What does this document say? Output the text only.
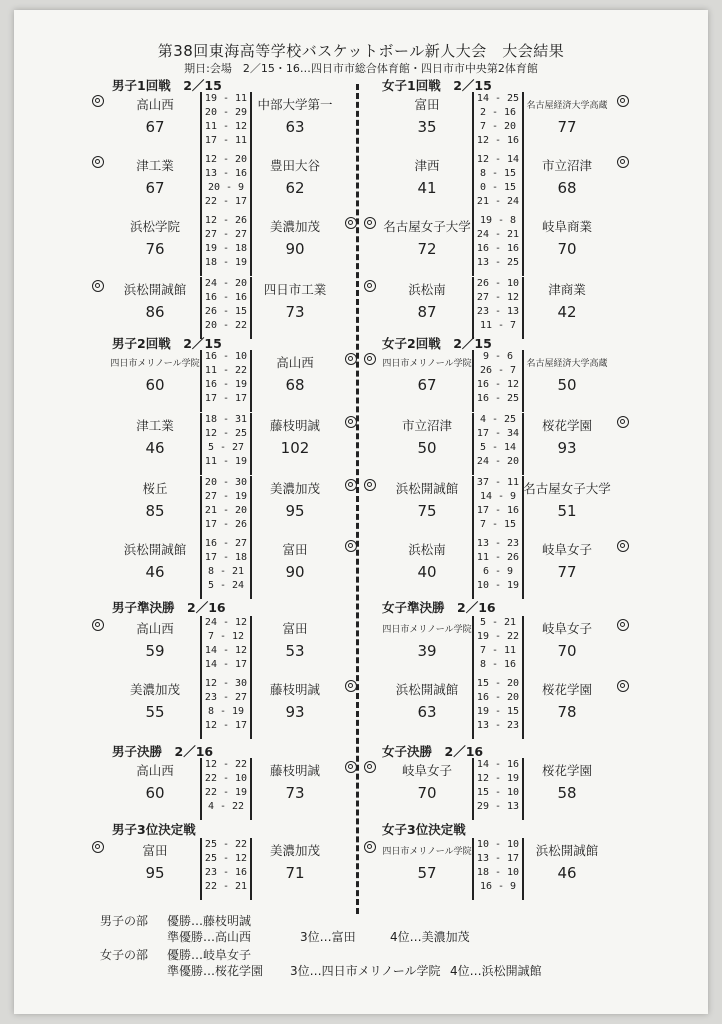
第38回東海高等学校バスケットボール新人大会　大会結果
期日:会場　2／15・16…四日市市総合体育館・四日市市中央第2体育館
男子1回戦　2／15
高山西	中部大学第一
67	63
19 - 11
20 - 29
11 - 12
17 - 11
津工業	豊田大谷
67	62
12 - 20
13 - 16
20 - 9
22 - 17
浜松学院	美濃加茂
76	90
12 - 26
27 - 27
19 - 18
18 - 19
浜松開誠館	四日市工業
86	73
24 - 20
16 - 16
26 - 15
20 - 22
男子2回戦　2／15
四日市メリノール学院	高山西
60	68
16 - 10
11 - 22
16 - 19
17 - 17
津工業	藤枝明誠
46	102
18 - 31
12 - 25
5 - 27
11 - 19
桜丘	美濃加茂
85	95
20 - 30
27 - 19
21 - 20
17 - 26
浜松開誠館	富田
46	90
16 - 27
17 - 18
8 - 21
5 - 24
男子準決勝　2／16
高山西	富田
59	53
24 - 12
7 - 12
14 - 12
14 - 17
美濃加茂	藤枝明誠
55	93
12 - 30
23 - 27
8 - 19
12 - 17
男子決勝　2／16
高山西	藤枝明誠
60	73
12 - 22
22 - 10
22 - 19
4 - 22
男子3位決定戦
富田	美濃加茂
95	71
25 - 22
25 - 12
23 - 16
22 - 21
女子1回戦　2／15
富田	名古屋経済大学高蔵
35	77
14 - 25
2 - 16
7 - 20
12 - 16
津西	市立沼津
41	68
12 - 14
8 - 15
0 - 15
21 - 24
名古屋女子大学	岐阜商業
72	70
19 - 8
24 - 21
16 - 16
13 - 25
浜松南	津商業
87	42
26 - 10
27 - 12
23 - 13
11 - 7
女子2回戦　2／15
四日市メリノール学院	名古屋経済大学高蔵
67	50
9 - 6
26 - 7
16 - 12
16 - 25
市立沼津	桜花学園
50	93
4 - 25
17 - 34
5 - 14
24 - 20
浜松開誠館	名古屋女子大学
75	51
37 - 11
14 - 9
17 - 16
7 - 15
浜松南	岐阜女子
40	77
13 - 23
11 - 26
6 - 9
10 - 19
女子準決勝　2／16
四日市メリノール学院	岐阜女子
39	70
5 - 21
19 - 22
7 - 11
8 - 16
浜松開誠館	桜花学園
63	78
15 - 20
16 - 20
19 - 15
13 - 23
女子決勝　2／16
岐阜女子	桜花学園
70	58
14 - 16
12 - 19
15 - 10
29 - 13
女子3位決定戦
四日市メリノール学院	浜松開誠館
57	46
10 - 10
13 - 17
18 - 10
16 - 9
男子の部 優勝…藤枝明誠
準優勝…高山西	3位…富田	4位…美濃加茂
女子の部 優勝…岐阜女子
準優勝…桜花学園 3位…四日市メリノール学院 4位…浜松開誠館
